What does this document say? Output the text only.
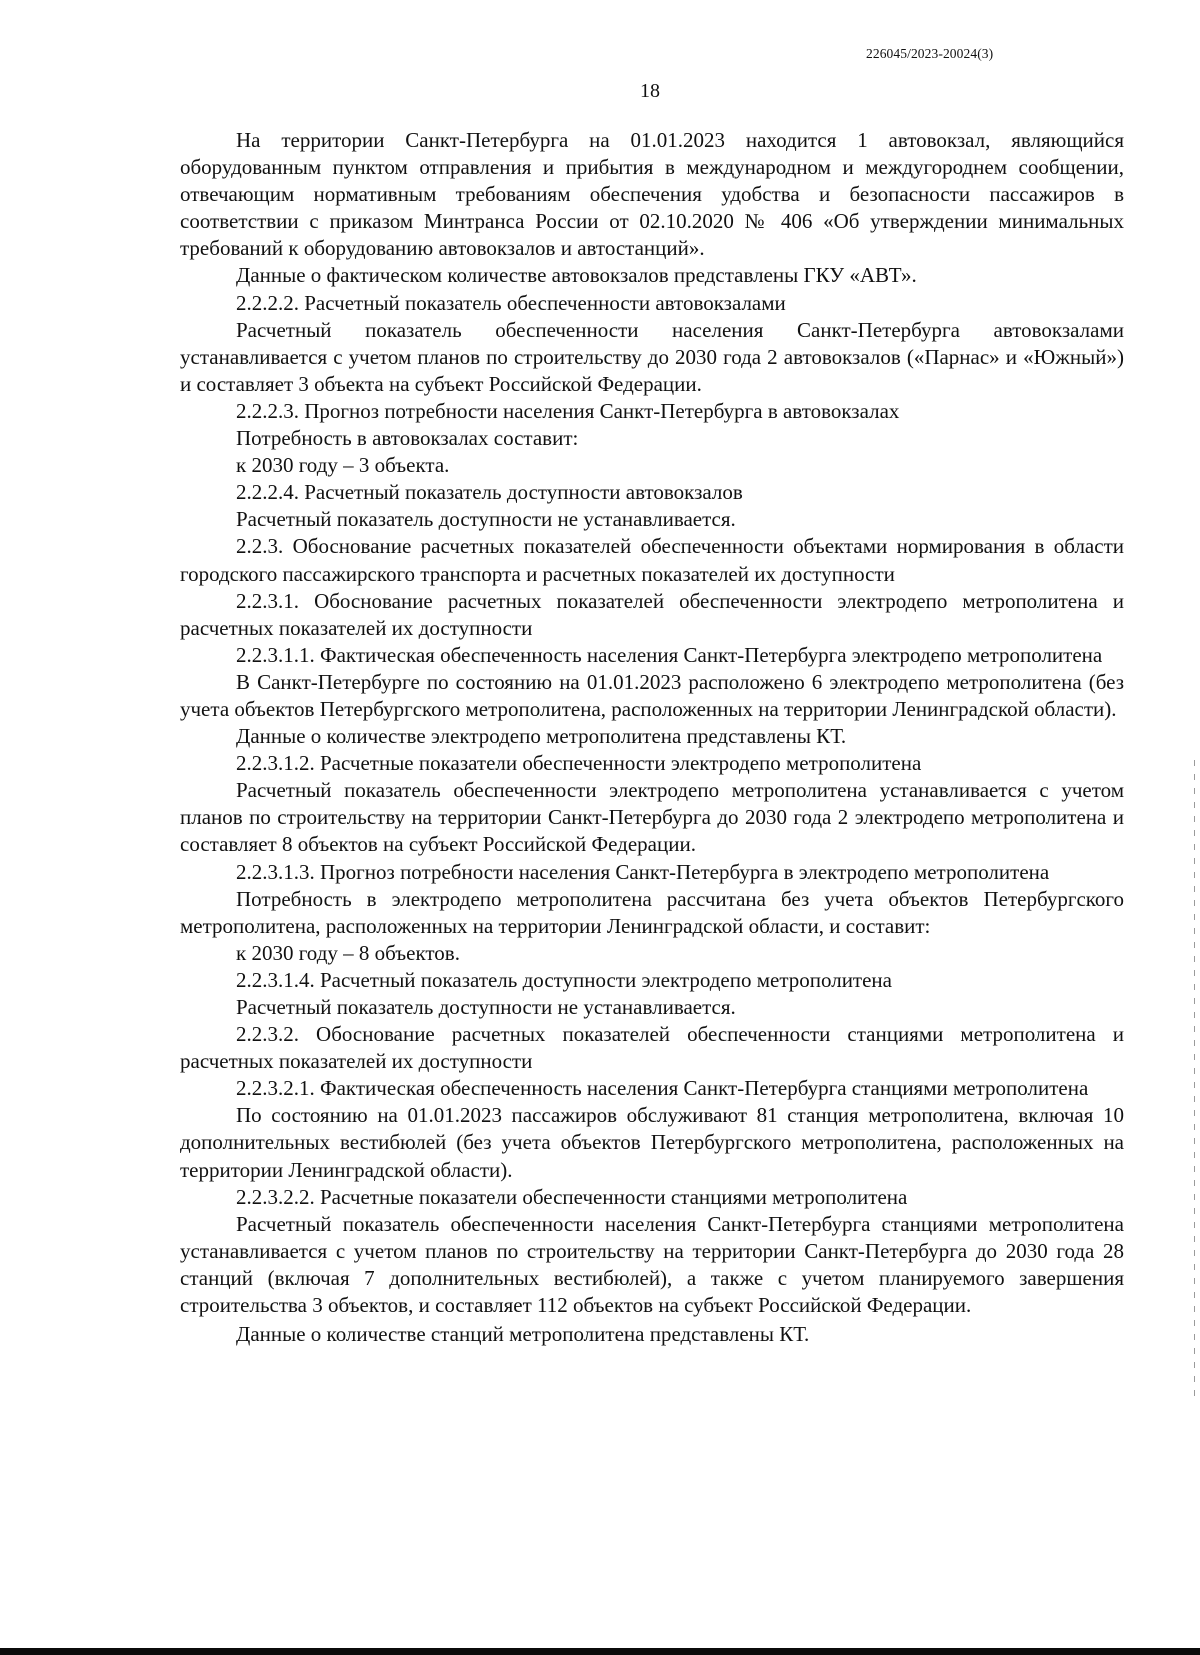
226045/2023-20024(3)
18

На территории Санкт-Петербурга на 01.01.2023 находится 1 автовокзал, являющийся оборудованным пунктом отправления и прибытия в международном и междугороднем сообщении, отвечающим нормативным требованиям обеспечения удобства и безопасности пассажиров в соответствии с приказом Минтранса России от 02.10.2020 № 406 «Об утверждении минимальных требований к оборудованию автовокзалов и автостанций».

Данные о фактическом количестве автовокзалов представлены ГКУ «АВТ».

2.2.2.2. Расчетный показатель обеспеченности автовокзалами

Расчетный показатель обеспеченности населения Санкт-Петербурга автовокзалами устанавливается с учетом планов по строительству до 2030 года 2 автовокзалов («Парнас» и «Южный») и составляет 3 объекта на субъект Российской Федерации.

2.2.2.3. Прогноз потребности населения Санкт-Петербурга в автовокзалах

Потребность в автовокзалах составит:

к 2030 году – 3 объекта.

2.2.2.4. Расчетный показатель доступности автовокзалов

Расчетный показатель доступности не устанавливается.

2.2.3. Обоснование расчетных показателей обеспеченности объектами нормирования в области городского пассажирского транспорта и расчетных показателей их доступности

2.2.3.1. Обоснование расчетных показателей обеспеченности электродепо метрополитена и расчетных показателей их доступности

2.2.3.1.1. Фактическая обеспеченность населения Санкт-Петербурга электродепо метрополитена

В Санкт-Петербурге по состоянию на 01.01.2023 расположено 6 электродепо метрополитена (без учета объектов Петербургского метрополитена, расположенных на территории Ленинградской области).

Данные о количестве электродепо метрополитена представлены КТ.

2.2.3.1.2. Расчетные показатели обеспеченности электродепо метрополитена

Расчетный показатель обеспеченности электродепо метрополитена устанавливается с учетом планов по строительству на территории Санкт-Петербурга до 2030 года 2 электродепо метрополитена и составляет 8 объектов на субъект Российской Федерации.

2.2.3.1.3. Прогноз потребности населения Санкт-Петербурга в электродепо метрополитена

Потребность в электродепо метрополитена рассчитана без учета объектов Петербургского метрополитена, расположенных на территории Ленинградской области, и составит:

к 2030 году – 8 объектов.

2.2.3.1.4. Расчетный показатель доступности электродепо метрополитена

Расчетный показатель доступности не устанавливается.

2.2.3.2. Обоснование расчетных показателей обеспеченности станциями метрополитена и расчетных показателей их доступности

2.2.3.2.1. Фактическая обеспеченность населения Санкт-Петербурга станциями метрополитена

По состоянию на 01.01.2023 пассажиров обслуживают 81 станция метрополитена, включая 10 дополнительных вестибюлей (без учета объектов Петербургского метрополитена, расположенных на территории Ленинградской области).

2.2.3.2.2. Расчетные показатели обеспеченности станциями метрополитена

Расчетный показатель обеспеченности населения Санкт-Петербурга станциями метрополитена устанавливается с учетом планов по строительству на территории Санкт-Петербурга до 2030 года 28 станций (включая 7 дополнительных вестибюлей), а также с учетом планируемого завершения строительства 3 объектов, и составляет 112 объектов на субъект Российской Федерации.

Данные о количестве станций метрополитена представлены КТ.
